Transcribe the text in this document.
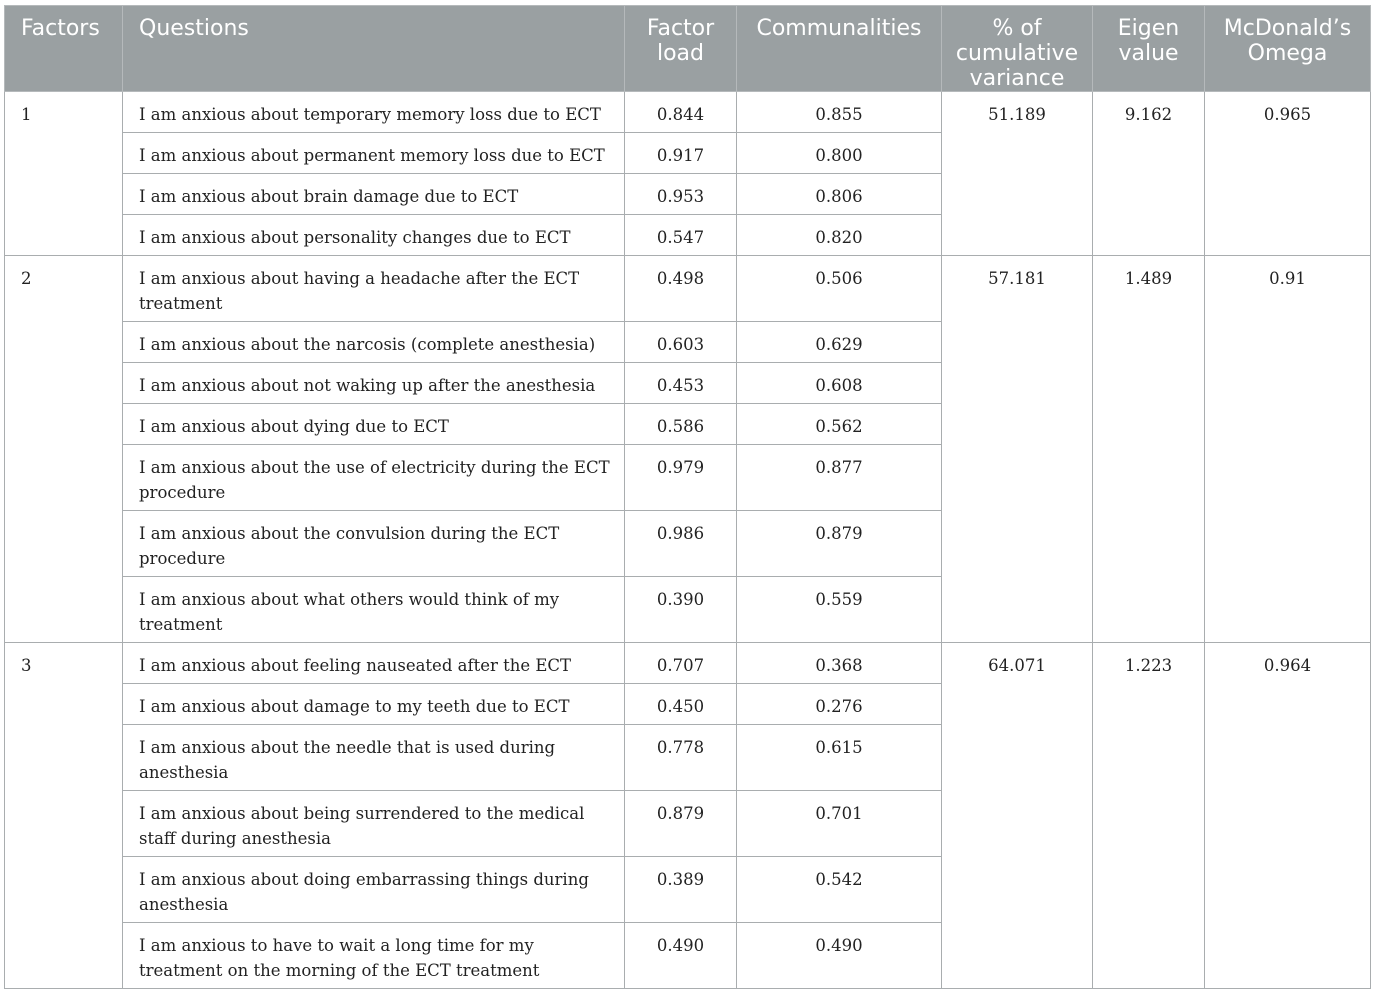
Factors	Questions	Factor load	Communalities	% of cumulative variance	Eigen value	McDonald’s Omega
1	I am anxious about temporary memory loss due to ECT	0.844	0.855	51.189	9.162	0.965
	I am anxious about permanent memory loss due to ECT	0.917	0.800			
	I am anxious about brain damage due to ECT	0.953	0.806			
	I am anxious about personality changes due to ECT	0.547	0.820			
2	I am anxious about having a headache after the ECT treatment	0.498	0.506	57.181	1.489	0.91
	I am anxious about the narcosis (complete anesthesia)	0.603	0.629			
	I am anxious about not waking up after the anesthesia	0.453	0.608			
	I am anxious about dying due to ECT	0.586	0.562			
	I am anxious about the use of electricity during the ECT procedure	0.979	0.877			
	I am anxious about the convulsion during the ECT procedure	0.986	0.879			
	I am anxious about what others would think of my treatment	0.390	0.559			
3	I am anxious about feeling nauseated after the ECT	0.707	0.368	64.071	1.223	0.964
	I am anxious about damage to my teeth due to ECT	0.450	0.276			
	I am anxious about the needle that is used during anesthesia	0.778	0.615			
	I am anxious about being surrendered to the medical staff during anesthesia	0.879	0.701			
	I am anxious about doing embarrassing things during anesthesia	0.389	0.542			
	I am anxious to have to wait a long time for my treatment on the morning of the ECT treatment	0.490	0.490			
